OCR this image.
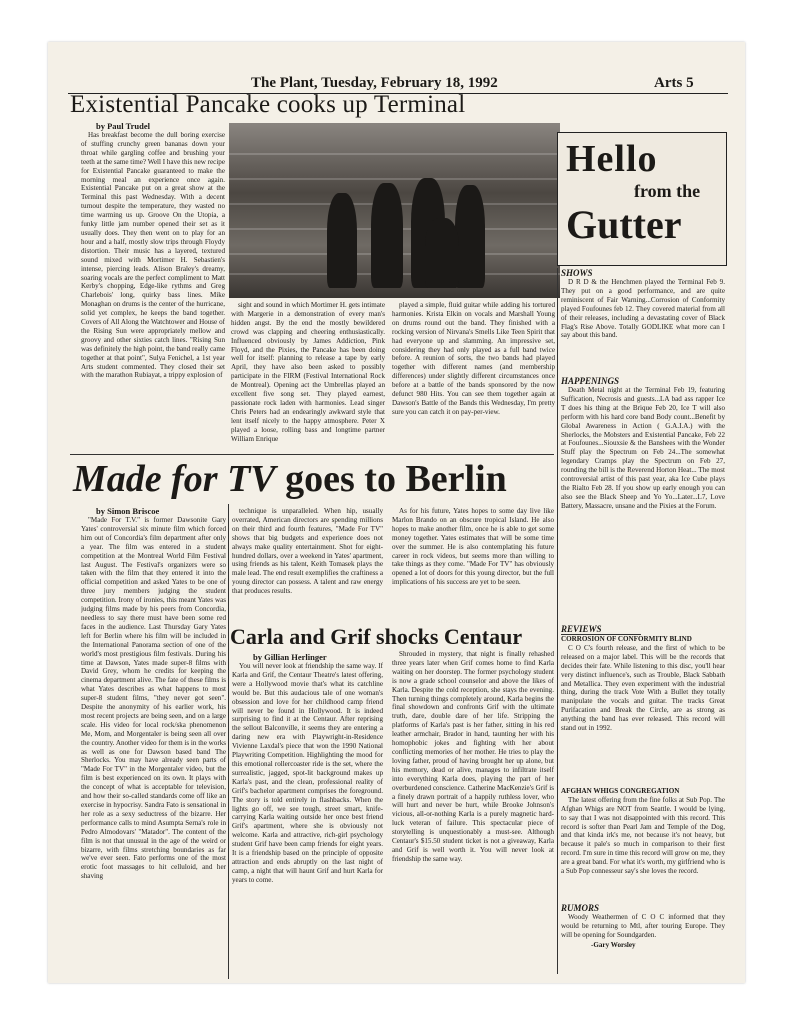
The Plant, Tuesday, February 18, 1992	Arts 5
Existential Pancake cooks up Terminal
by Paul Trudel

Has breakfast become the dull boring exercise of stuffing crunchy green bananas down your throat while gargling coffee and brushing your teeth at the same time? Well I have this new recipe for Existential Pancake guaranteed to make the morning meal an experience once again. Existential Pancake put on a great show at the Terminal this past Wednesday. With a decent turnout despite the temperature, they wasted no time warming us up. Groove On the Utopia, a funky little jam number opened their set as it usually does. They then went on to play for an hour and a half, mostly slow trips through Floydy distortion. Their music has a layered, textured sound mixed with Mortimer H. Sebastien's intense, piercing leads. Alison Braley's dreamy, soaring vocals are the perfect compliment to Matt Kerby's chopping, Edge-like rythms and Greg Charlebois' long, quirky bass lines. Mike Monaghan on drums is the center of the hurricane, solid yet complex, he keeps the band together. Covers of All Along the Watchtower and House of the Rising Sun were appropriately mellow and groovy and other sixties catch lines. "Rising Sun was definitely the high point, the band really came together at that point", Sulya Fenichel, a 1st year Arts student commented. They closed their set with the marathon Rubiayat, a trippy explosion of

sight and sound in which Mortimer H. gets intimate with Margerie in a demonstration of every man's hidden angst. By the end the mostly bewildered crowd was clapping and cheering enthusiastically. Influenced obviously by James Addiction, Pink Floyd, and the Pixies, the Pancake has been doing well for itself: planning to release a tape by early April, they have also been asked to possibly participate in the FIRM (Festival International Rock de Montreal). Opening act the Umbrellas played an excellent five song set. They played earnest, passionate rock laden with harmonies. Lead singer Chris Peters had an endearingly awkward style that lent itself nicely to the happy atmosphere. Peter X played a loose, rolling bass and longtime partner William Enrique

played a simple, fluid guitar while adding his tortured harmonies. Krista Elkin on vocals and Marshall Young on drums round out the band. They finished with a rocking version of Nirvana's Smells Like Teen Spirit that had everyone up and slamming. An impressive set, considering they had only played as a full band twice before. A reunion of sorts, the two bands had played together with different names (and membership differences) under slightly different circumstances once before at a battle of the bands sponsored by the now defunct 980 Hits. You can see them together again at Dawson's Battle of the Bands this Wednesday, I'm pretty sure you can catch it on pay-per-view.

Made for TV goes to Berlin
by Simon Briscoe

"Made For T.V." is former Dawsonite Gary Yates' controversial six minute film which forced him out of Concordia's film department after only a year. The film was entered in a student competition at the Montreal World Film Festival last August. The Festival's organizers were so taken with the film that they entered it into the official competition and asked Yates to be one of three jury members judging the student competition. Irony of ironies, this meant Yates was judging films made by his peers from Concordia, needless to say there must have been some red faces in the audience. Last Thursday Gary Yates left for Berlin where his film will be included in the International Panorama section of one of the world's most prestigious film festivals. During his time at Dawson, Yates made super-8 films with David Grey, whom he credits for keeping the cinema department alive. The fate of these films is what Yates describes as what happens to most super-8 student films, "they never got seen". Despite the anonymity of his earlier work, his most recent projects are being seen, and on a large scale. His video for local rock/ska phenomenon Me, Mom, and Morgentaler is being seen all over the country. Another video for them is in the works as well as one for Dawson based band The Sherlocks. You may have already seen parts of "Made For TV" in the Morgentaler video, but the film is best experienced on its own. It plays with the concept of what is acceptable for television, and how their so-called standards come off like an exercise in hypocrisy. Sandra Fato is sensational in her role as a sexy seductress of the bizarre. Her performance calls to mind Asumpta Serna's role in Pedro Almodovars' "Matador". The content of the film is not that unusual in the age of the weird or bizarre, with films stretching boundaries as far we've ever seen. Fato performs one of the most erotic foot massages to hit celluloid, and her shaving

technique is unparalleled. When hip, usually overrated, American directors are spending millions on their third and fourth features, "Made For TV" shows that big budgets and experience does not always make quality entertainment. Shot for eight-hundred dollars, over a weekend in Yates' apartment, using friends as his talent, Keith Tomasek plays the male lead. The end result exemplifies the craftiness a young director can possess. A talent and raw energy that produces results.

As for his future, Yates hopes to some day live like Marlon Brando on an obscure tropical Island. He also hopes to make another film, once he is able to get some money together. Yates estimates that will be some time over the summer. He is also contemplating his future career in rock videos, but seems more than willing to take things as they come. "Made For TV" has obviously opened a lot of doors for this young director, but the full implications of his success are yet to be seen.

Carla and Grif shocks Centaur
by Gillian Herlinger

You will never look at friendship the same way. If Karla and Grif, the Centaur Theatre's latest offering, were a Hollywood movie that's what its catchline would be. But this audacious tale of one woman's obsession and love for her childhood camp friend will never be found in Hollywood. It is indeed surprising to find it at the Centaur. After reprising the sellout Balconville, it seems they are entering a daring new era with Playwright-in-Residence Vivienne Laxdal's piece that won the 1990 National Playwriting Competition. Highlighting the mood for this emotional rollercoaster ride is the set, where the surrealistic, jagged, spot-lit background makes up Karla's past, and the clean, professional reality of Grif's bachelor apartment comprises the foreground. The story is told entirely in flashbacks. When the lights go off, we see tough, street smart, knife-carrying Karla waiting outside her once best friend Grif's apartment, where she is obviously not welcome. Karla and attractive, rich-girl psychology student Grif have been camp friends for eight years. It is a friendship based on the principle of opposite attraction and ends abruptly on the last night of camp, a night that will haunt Grif and hurt Karla for years to come.

Shrouded in mystery, that night is finally rehashed three years later when Grif comes home to find Karla waiting on her doorstep. The former psychology student is now a grade school counselor and above the likes of Karla. Despite the cold reception, she stays the evening. Then turning things completely around, Karla begins the final showdown and confronts Grif with the ultimate truth, dare, double dare of her life. Stripping the platforms of Karla's past is her father, sitting in his red leather armchair, Brador in hand, taunting her with his homophobic jokes and fighting with her about conflicting memories of her mother. He tries to play the loving father, proud of having brought her up alone, but his memory, dead or alive, manages to infiltrate itself into everything Karla does, playing the part of her overburdened conscience. Catherine MacKenzie's Grif is a finely drawn portrait of a happily ruthless lover, who will hurt and never be hurt, while Brooke Johnson's vicious, all-or-nothing Karla is a purely magnetic hard-luck veteran of failure. This spectacular piece of storytelling is unquestionably a must-see. Although Centaur's $15.50 student ticket is not a giveaway, Karla and Grif is well worth it. You will never look at friendship the same way.

Hello
from the
Gutter
SHOWS

D R D & the Henchmen played the Terminal Feb 9. They put on a good performance, and are quite reminiscent of Fair Warning...Corrosion of Conformity played Foufounes feb 12. They covered material from all of their releases, including a devastating cover of Black Flag's Rise Above. Totally GODLIKE what more can I say about this band.

HAPPENINGS

Death Metal night at the Terminal Feb 19, featuring Suffication, Necrosis and guests...LA bad ass rapper Ice T does his thing at the Brique Feb 20, Ice T will also perform with his hard core band Body count...Benefit by Global Awareness in Action ( G.A.I.A.) with the Sherlocks, the Mobsters and Existential Pancake, Feb 22 at Foufounes...Siouxsie & the Banshees with the Wonder Stuff play the Spectrum on Feb 24...The somewhat legendary Cramps play the Spectrum on Feb 27, rounding the bill is the Reverend Horton Heat... The most controversial artist of this past year, aka Ice Cube plays the Rialto Feb 28. If you show up early enough you can also see the Black Sheep and Yo Yo...Later...L7, Love Battery, Massacre, unsane and the Pixies at the Forum.

REVIEWS
CORROSION OF CONFORMITY BLIND

C O C's fourth release, and the first of which to be released on a major label. This will be the records that decides their fate. While listening to this disc, you'll hear very distinct influence's, such as Trouble, Black Sabbath and Metallica. They even experiment with the industrial thing, during the track Vote With a Bullet they totally manipulate the vocals and guitar. The tracks Great Purifacation and Break the Circle, are as strong as anything the band has ever released. This record will stand out in 1992.

AFGHAN WHIGS CONGREGATION

The latest offering from the fine folks at Sub Pop. The Afghan Whigs are NOT from Seattle. I would be lying, to say that I was not disappointed with this record. This record is softer than Pearl Jam and Temple of the Dog, and that kinda irk's me, not because it's not heavy, but because it pale's so much in comparison to their first record. I'm sure in time this record will grow on me, they are a great band. For what it's worth, my girlfriend who is a Sub Pop connesseur say's she loves the record.

RUMORS

Woody Weathermen of C O C informed that they would be returning to Mtl, after touring Europe. They will be opening for Soundgarden.

-Gary Worsley
